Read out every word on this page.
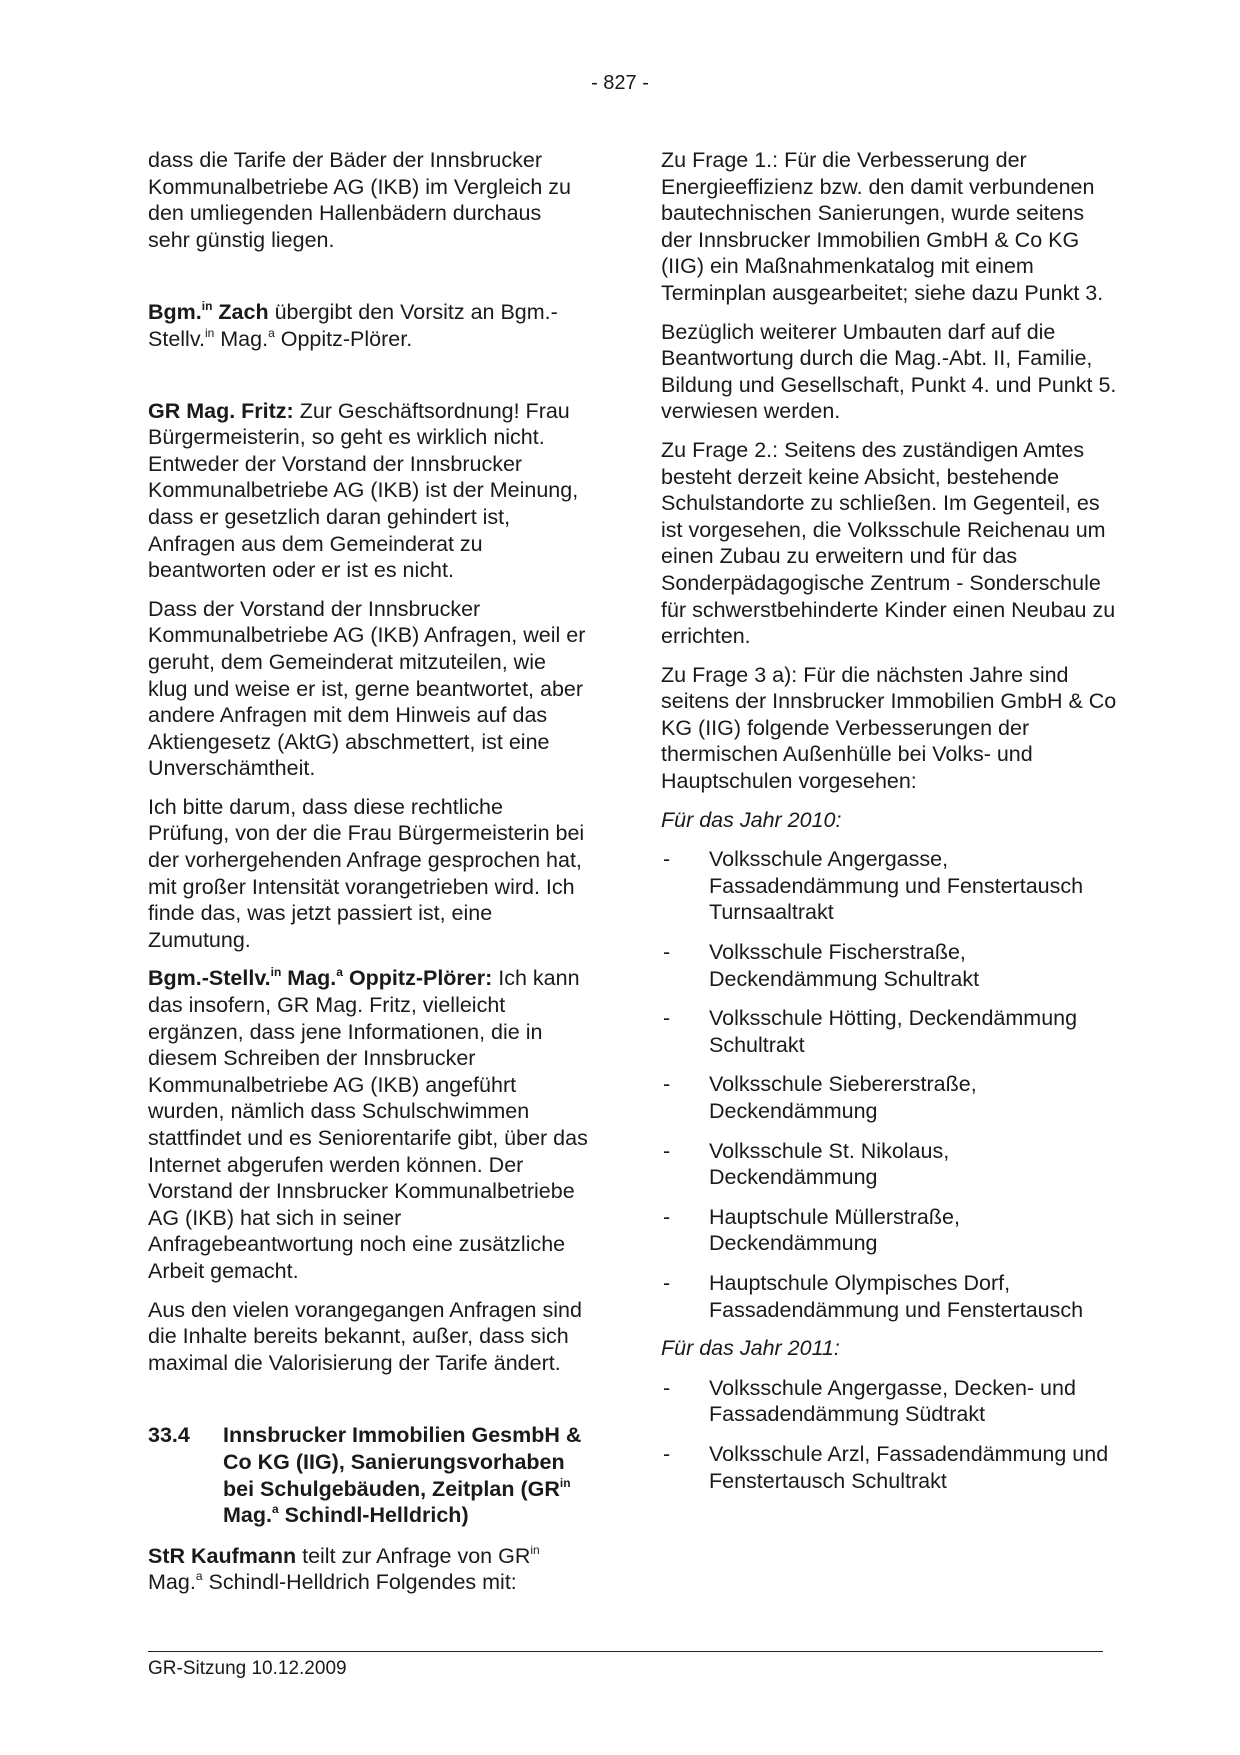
- 827 -

dass die Tarife der Bäder der Innsbrucker Kommunalbetriebe AG (IKB) im Vergleich zu den umliegenden Hallenbädern durchaus sehr günstig liegen.

Bgm.$^{in}$ Zach übergibt den Vorsitz an Bgm.-Stellv.$^{in}$ Mag.$^a$ Oppitz-Plörer.

GR Mag. Fritz: Zur Geschäftsordnung! Frau Bürgermeisterin, so geht es wirklich nicht. Entweder der Vorstand der Innsbrucker Kommunalbetriebe AG (IKB) ist der Meinung, dass er gesetzlich daran gehindert ist, Anfragen aus dem Gemeinderat zu beantworten oder er ist es nicht.

Dass der Vorstand der Innsbrucker Kommunalbetriebe AG (IKB) Anfragen, weil er geruht, dem Gemeinderat mitzuteilen, wie klug und weise er ist, gerne beantwortet, aber andere Anfragen mit dem Hinweis auf das Aktiengesetz (AktG) abschmettert, ist eine Unverschämtheit.

Ich bitte darum, dass diese rechtliche Prüfung, von der die Frau Bürgermeisterin bei der vorhergehenden Anfrage gesprochen hat, mit großer Intensität vorangetrieben wird. Ich finde das, was jetzt passiert ist, eine Zumutung.

Bgm.-Stellv.$^{in}$ Mag.$^a$ Oppitz-Plörer: Ich kann das insofern, GR Mag. Fritz, vielleicht ergänzen, dass jene Informationen, die in diesem Schreiben der Innsbrucker Kommunalbetriebe AG (IKB) angeführt wurden, nämlich dass Schulschwimmen stattfindet und es Seniorentarife gibt, über das Internet abgerufen werden können. Der Vorstand der Innsbrucker Kommunalbetriebe AG (IKB) hat sich in seiner Anfragebeantwortung noch eine zusätzliche Arbeit gemacht.

Aus den vielen vorangegangen Anfragen sind die Inhalte bereits bekannt, außer, dass sich maximal die Valorisierung der Tarife ändert.

33.4	Innsbrucker Immobilien GesmbH & Co KG (IIG), Sanierungsvorhaben bei Schulgebäuden, Zeitplan ($GR^{in}$ Mag.$^a$ Schindl-Helldrich)

StR Kaufmann teilt zur Anfrage von $GR^{in}$ Mag.$^a$ Schindl-Helldrich Folgendes mit:

Zu Frage 1.: Für die Verbesserung der Energieeffizienz bzw. den damit verbundenen bautechnischen Sanierungen, wurde seitens der Innsbrucker Immobilien GmbH & Co KG (IIG) ein Maßnahmenkatalog mit einem Terminplan ausgearbeitet; siehe dazu Punkt 3.

Bezüglich weiterer Umbauten darf auf die Beantwortung durch die Mag.-Abt. II, Familie, Bildung und Gesellschaft, Punkt 4. und Punkt 5. verwiesen werden.

Zu Frage 2.: Seitens des zuständigen Amtes besteht derzeit keine Absicht, bestehende Schulstandorte zu schließen. Im Gegenteil, es ist vorgesehen, die Volksschule Reichenau um einen Zubau zu erweitern und für das Sonderpädagogische Zentrum - Sonderschule für schwerstbehinderte Kinder einen Neubau zu errichten.

Zu Frage 3 a): Für die nächsten Jahre sind seitens der Innsbrucker Immobilien GmbH & Co KG (IIG) folgende Verbesserungen der thermischen Außenhülle bei Volks- und Hauptschulen vorgesehen:

Für das Jahr 2010:

- Volksschule Angergasse, Fassadendämmung und Fenstertausch Turnsaaltrakt
- Volksschule Fischerstraße, Deckendämmung Schultrakt
- Volksschule Hötting, Deckendämmung Schultrakt
- Volksschule Siebererstraße, Deckendämmung
- Volksschule St. Nikolaus, Deckendämmung
- Hauptschule Müllerstraße, Deckendämmung
- Hauptschule Olympisches Dorf, Fassadendämmung und Fenstertausch

Für das Jahr 2011:

- Volksschule Angergasse, Decken- und Fassadendämmung Südtrakt
- Volksschule Arzl, Fassadendämmung und Fenstertausch Schultrakt
GR-Sitzung 10.12.2009
